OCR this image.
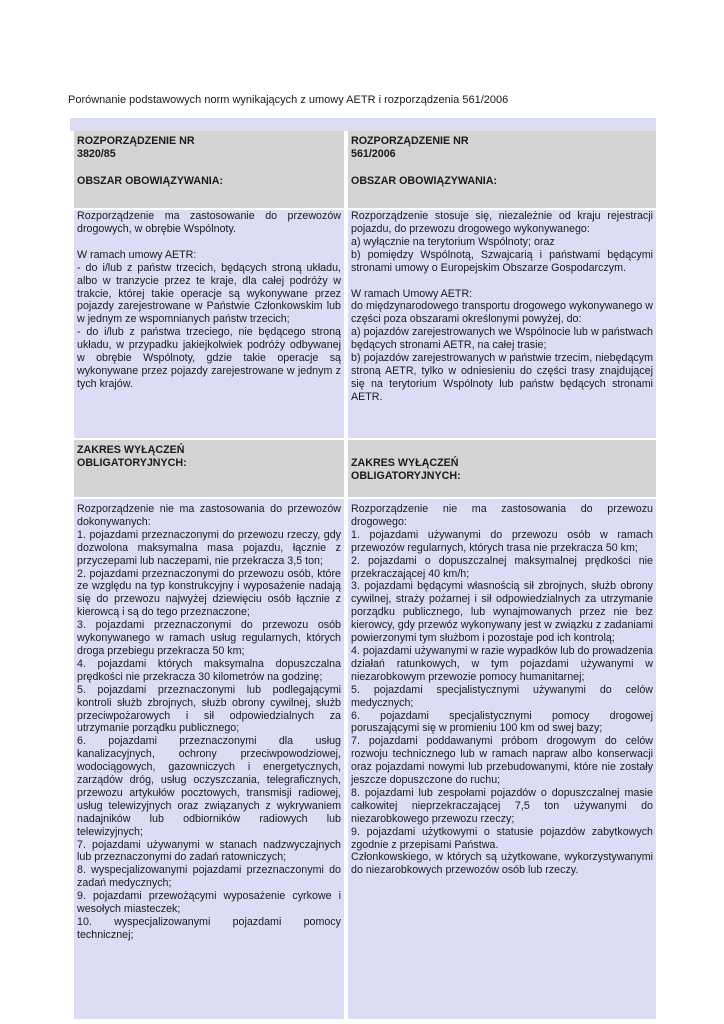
Porównanie podstawowych norm wynikających z umowy AETR i rozporządzenia 561/2006
ROZPORZĄDZENIE NR
3820/85
OBSZAR OBOWIĄZYWANIA:
ROZPORZĄDZENIE NR
561/2006
OBSZAR OBOWIĄZYWANIA:

Rozporządzenie ma zastosowanie do przewozów drogowych, w obrębie Wspólnoty.

W ramach umowy AETR:

- do i/lub z państw trzecich, będących stroną układu, albo w tranzycie przez te kraje, dla całej podróży w trakcie, której takie operacje są wykonywane przez pojazdy zarejestrowane w Państwie Członkowskim lub w jednym ze wspomnianych państw trzecich;

- do i/lub z państwa trzeciego, nie będącego stroną układu, w przypadku jakiejkolwiek podróży odbywanej w obrębie Wspólnoty, gdzie takie operacje są wykonywane przez pojazdy zarejestrowane w jednym z tych krajów.

Rozporządzenie stosuje się, niezależnie od kraju rejestracji pojazdu, do przewozu drogowego wykonywanego:

a) wyłącznie na terytorium Wspólnoty; oraz

b) pomiędzy Wspólnotą, Szwajcarią i państwami będącymi stronami umowy o Europejskim Obszarze Gospodarczym.

W ramach Umowy AETR:

do międzynarodowego transportu drogowego wykonywanego w części poza obszarami określonymi powyżej, do:

a) pojazdów zarejestrowanych we Wspólnocie lub w państwach będących stronami AETR, na całej trasie;

b) pojazdów zarejestrowanych w państwie trzecim, niebędącym stroną AETR, tylko w odniesieniu do części trasy znajdującej się na terytorium Wspólnoty lub państw będących stronami AETR.

ZAKRES WYŁĄCZEŃ
OBLIGATORYJNYCH:	ZAKRES WYŁĄCZEŃ
OBLIGATORYJNYCH:

Rozporządzenie nie ma zastosowania do przewozów dokonywanych:

1. pojazdami przeznaczonymi do przewozu rzeczy, gdy dozwolona maksymalna masa pojazdu, łącznie z przyczepami lub naczepami, nie przekracza 3,5 ton;

2. pojazdami przeznaczonymi do przewozu osób, które ze względu na typ konstrukcyjny i wyposażenie nadają się do przewozu najwyżej dziewięciu osób łącznie z kierowcą i są do tego przeznaczone;

3. pojazdami przeznaczonymi do przewozu osób wykonywanego w ramach usług regularnych, których droga przebiegu przekracza 50 km;

4. pojazdami których maksymalna dopuszczalna prędkości nie przekracza 30 kilometrów na godzinę;

5. pojazdami przeznaczonymi lub podlegającymi kontroli służb zbrojnych, służb obrony cywilnej, służb przeciwpożarowych i sił odpowiedzialnych za utrzymanie porządku publicznego;

6. pojazdami przeznaczonymi dla usług kanalizacyjnych, ochrony przeciwpowodziowej, wodociągowych, gazowniczych i energetycznych, zarządów dróg, usług oczyszczania, telegraficznych, przewozu artykułów pocztowych, transmisji radiowej, usług telewizyjnych oraz związanych z wykrywaniem nadajników lub odbiorników radiowych lub telewizyjnych;

7. pojazdami używanymi w stanach nadzwyczajnych lub przeznaczonymi do zadań ratowniczych;

8. wyspecjalizowanymi pojazdami przeznaczonymi do zadań medycznych;

9. pojazdami przewożącymi wyposażenie cyrkowe i wesołych miasteczek;

10. wyspecjalizowanymi pojazdami pomocy technicznej;

Rozporządzenie nie ma zastosowania do przewozu drogowego:

1. pojazdami używanymi do przewozu osób w ramach przewozów regularnych, których trasa nie przekracza 50 km;

2. pojazdami o dopuszczalnej maksymalnej prędkości nie przekraczającej 40 km/h;

3. pojazdami będącymi własnością sił zbrojnych, służb obrony cywilnej, straży pożarnej i sił odpowiedzialnych za utrzymanie porządku publicznego, lub wynajmowanych przez nie bez kierowcy, gdy przewóz wykonywany jest w związku z zadaniami powierzonymi tym służbom i pozostaje pod ich kontrolą;

4. pojazdami używanymi w razie wypadków lub do prowadzenia działań ratunkowych, w tym pojazdami używanymi w niezarobkowym przewozie pomocy humanitarnej;

5. pojazdami specjalistycznymi używanymi do celów medycznych;

6. pojazdami specjalistycznymi pomocy drogowej poruszającymi się w promieniu 100 km od swej bazy;

7. pojazdami poddawanymi próbom drogowym do celów rozwoju technicznego lub w ramach napraw albo konserwacji oraz pojazdami nowymi lub przebudowanymi, które nie zostały jeszcze dopuszczone do ruchu;

8. pojazdami lub zespołami pojazdów o dopuszczalnej masie całkowitej nieprzekraczającej 7,5 ton używanymi do niezarobkowego przewozu rzeczy;

9. pojazdami użytkowymi o statusie pojazdów zabytkowych zgodnie z przepisami Państwa.

Członkowskiego, w których są użytkowane, wykorzystywanymi do niezarobkowych przewozów osób lub rzeczy.
